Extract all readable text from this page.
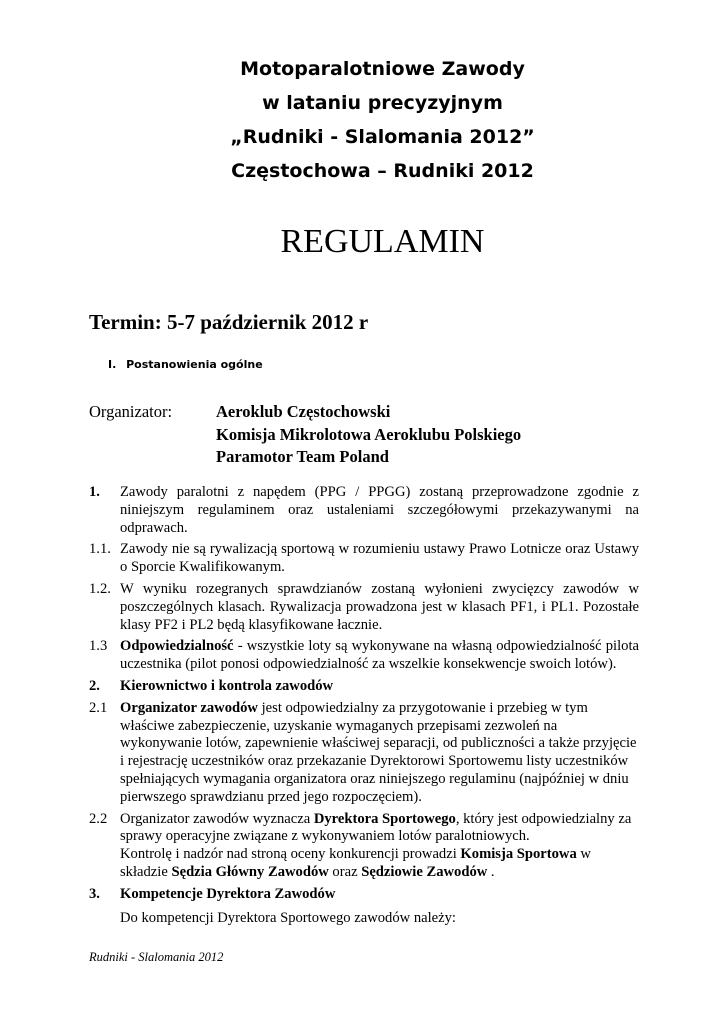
Motoparalotniowe Zawody
w lataniu precyzyjnym
„Rudniki - Slalomania 2012”
Częstochowa – Rudniki 2012
REGULAMIN
Termin: 5-7 październik 2012 r
I. Postanowienia ogólne
Organizator:	Aeroklub Częstochowski
Komisja Mikrolotowa Aeroklubu Polskiego
Paramotor Team Poland
1. Zawody paralotni z napędem (PPG / PPGG) zostaną przeprowadzone zgodnie z niniejszym regulaminem oraz ustaleniami szczegółowymi przekazywanymi na odprawach.
1.1. Zawody nie są rywalizacją sportową w rozumieniu ustawy Prawo Lotnicze oraz Ustawy o Sporcie Kwalifikowanym.
1.2. W wyniku rozegranych sprawdzianów zostaną wyłonieni zwycięzcy zawodów w poszczególnych klasach. Rywalizacja prowadzona jest w klasach PF1, i PL1. Pozostałe klasy PF2 i PL2 będą klasyfikowane łacznie.
1.3 Odpowiedzialność - wszystkie loty są wykonywane na własną odpowiedzialność pilota uczestnika (pilot ponosi odpowiedzialność za wszelkie konsekwencje swoich lotów).
2. Kierownictwo i kontrola zawodów
2.1 Organizator zawodów jest odpowiedzialny za przygotowanie i przebieg w tym właściwe zabezpieczenie, uzyskanie wymaganych przepisami zezwoleń na wykonywanie lotów, zapewnienie właściwej separacji, od publiczności a także przyjęcie i rejestrację uczestników oraz przekazanie Dyrektorowi Sportowemu listy uczestników spełniających wymagania organizatora oraz niniejszego regulaminu (najpóźniej w dniu pierwszego sprawdzianu przed jego rozpoczęciem).
2.2 Organizator zawodów wyznacza Dyrektora Sportowego, który jest odpowiedzialny za sprawy operacyjne związane z wykonywaniem lotów paralotniowych.
Kontrolę i nadzór nad stroną oceny konkurencji prowadzi Komisja Sportowa w składzie Sędzia Główny Zawodów oraz Sędziowie Zawodów .
3. Kompetencje Dyrektora Zawodów
Do kompetencji Dyrektora Sportowego zawodów należy:
Rudniki - Slalomania 2012
